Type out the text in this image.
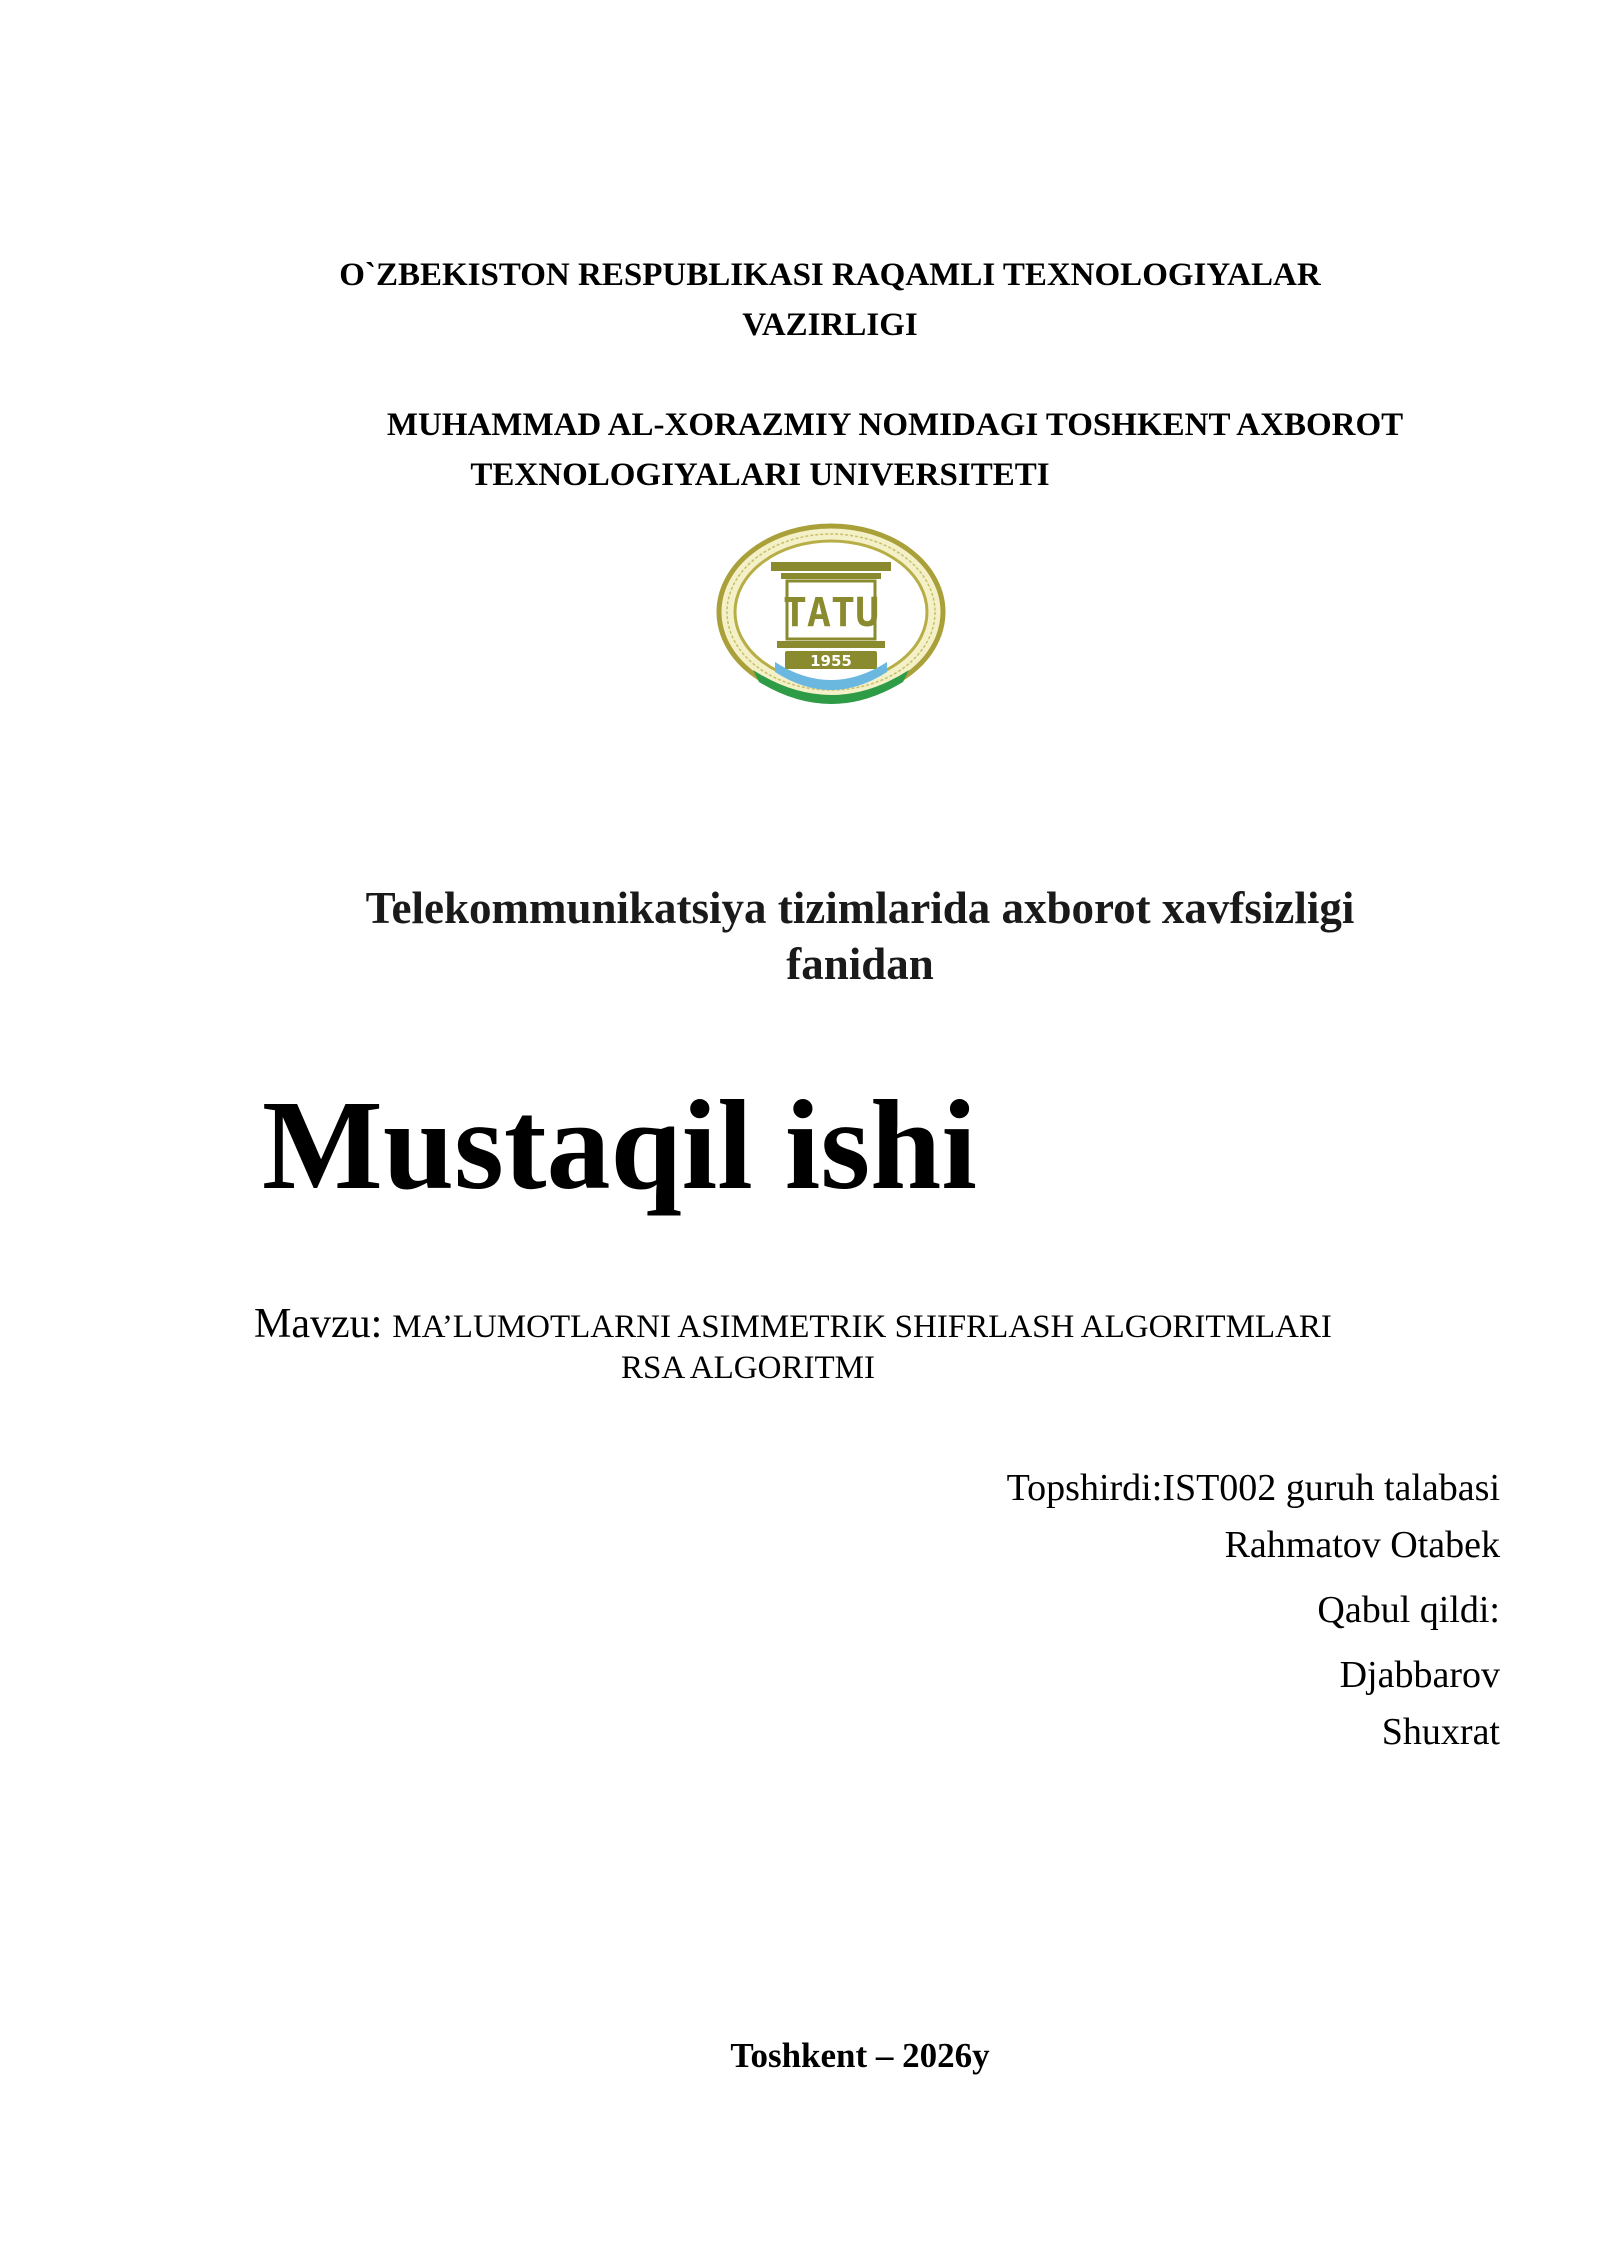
O`ZBEKISTON RESPUBLIKASI RAQAMLI TEXNOLOGIYALAR
VAZIRLIGI
MUHAMMAD AL-XORAZMIY NOMIDAGI TOSHKENT AXBOROT
TEXNOLOGIYALARI UNIVERSITETI
TATU
1955
Telekommunikatsiya tizimlarida axborot xavfsizligi
fanidan
Mustaqil ishi
Mavzu: MA’LUMOTLARNI ASIMMETRIK SHIFRLASH ALGORITMLARI
RSA ALGORITMI
Topshirdi:IST002 guruh talabasi
Rahmatov Otabek
Qabul qildi:
Djabbarov
Shuxrat
Toshkent – 2026y
